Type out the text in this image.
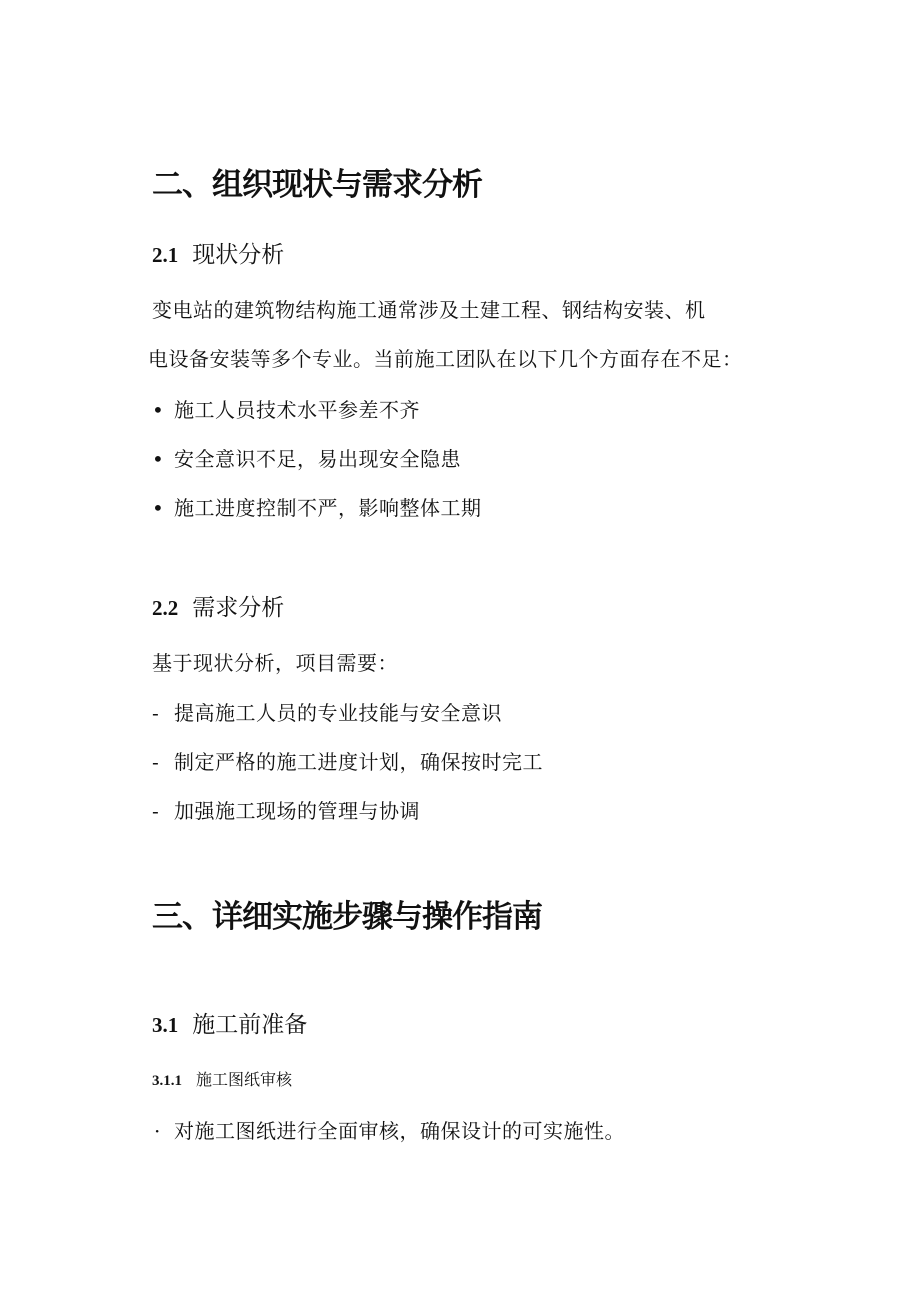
二、组织现状与需求分析
2.1 现状分析
变电站的建筑物结构施工通常涉及土建工程、钢结构安装、机
电设备安装等多个专业。当前施工团队在以下几个方面存在不足：
• 施工人员技术水平参差不齐
• 安全意识不足，易出现安全隐患
• 施工进度控制不严，影响整体工期
2.2 需求分析
基于现状分析，项目需要：
- 提高施工人员的专业技能与安全意识
- 制定严格的施工进度计划，确保按时完工
- 加强施工现场的管理与协调
三、详细实施步骤与操作指南
3.1 施工前准备
3.1.1 施工图纸审核
· 对施工图纸进行全面审核，确保设计的可实施性。
